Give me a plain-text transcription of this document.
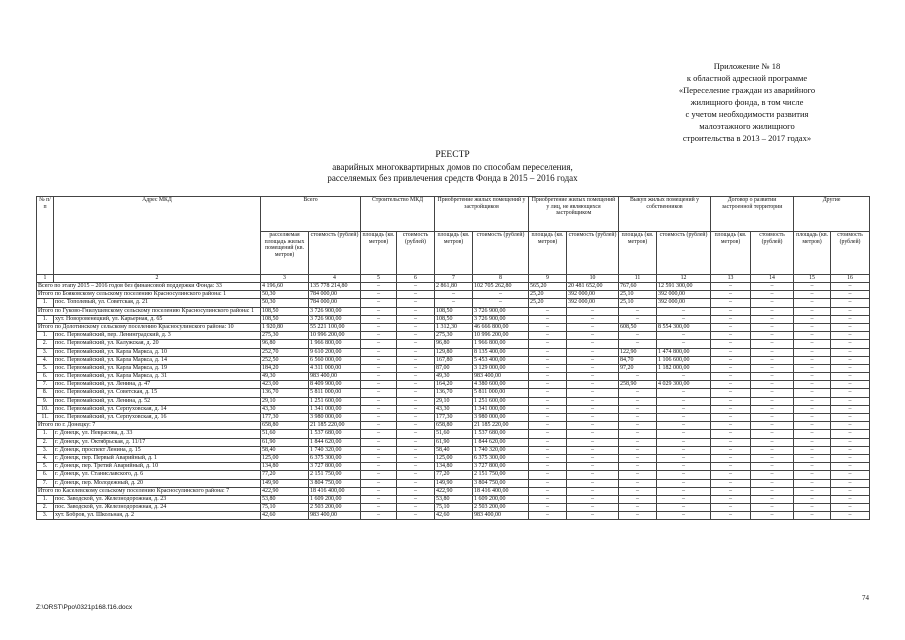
Приложение № 18
к областной адресной программе
«Переселение граждан из аварийного
жилищного фонда, в том числе
с учетом необходимости развития
малоэтажного жилищного
строительства в 2013 – 2017 годах»
РЕЕСТР
аварийных многоквартирных домов по способам переселения,
расселяемых без привлечения средств Фонда в 2015 – 2016 годах
№ п/п	Адрес МКД	Всего		Строительство МКД		Приобретение жилых помещений у застройщиков		Приобретение жилых помещений у лиц, не являющихся застройщиком		Выкуп жилых помещений у собственников		Договор о развитии застроенной территории		Другие	
		расселяемая площадь жилых помещений (кв. метров)	стоимость (рублей)	площадь (кв. метров)	стоимость (рублей)	площадь (кв. метров)	стоимость (рублей)	площадь (кв. метров)	стоимость (рублей)	площадь (кв. метров)	стоимость (рублей)	площадь (кв. метров)	стоимость (рублей)	площадь (кв. метров)	стоимость (рублей)
1	2	3	4	5	6	7	8	9	10	11	12	13	14	15	16
Всего по этапу 2015 – 2016 годов без финансовой поддержки Фонда: 33		4 196,60	135 778 214,80	–	–	2 861,80	102 705 262,80	565,20	20 481 652,00	767,60	12 591 300,00	–	–	–	–
Итого по Бояковскому сельскому поселению Красносулинского района: 1		50,30	784 000,00	–	–	–	–	25,20	392 000,00	25,10	392 000,00	–	–	–	–
1.	пос. Тополевый, ул. Советская, д. 21	50,30	784 000,00	–	–	–	–	25,20	392 000,00	25,10	392 000,00	–	–	–	–
Итого по Гуково-Гнилушевскому сельскому поселению Красносулинского района: 1		108,50	3 726 900,00	–	–	108,50	3 726 900,00	–	–	–	–	–	–	–	–
1.	хут. Новоровенецкий, ул. Карьерная, д. 65	108,50	3 726 900,00	–	–	108,50	3 726 900,00	–	–	–	–	–	–	–	–
Итого по Долотинскому сельскому поселению Красносулинского района: 10		1 920,80	55 221 100,00	–	–	1 312,30	46 666 800,00	–	–	608,50	8 554 300,00	–	–	–	–
1.	пос. Первомайский, пер. Ленинградский, д. 3	275,30	10 996 200,00	–	–	275,30	10 996 200,00	–	–	–	–	–	–	–	–
2.	пос. Первомайский, ул. Калужская, д. 20	96,80	1 966 800,00	–	–	96,80	1 966 800,00	–	–	–	–	–	–	–	–
3.	пос. Первомайский, ул. Карла Маркса, д. 10	252,70	9 610 200,00	–	–	129,80	8 135 400,00	–	–	122,90	1 474 800,00	–	–	–	–
4.	пос. Первомайский, ул. Карла Маркса, д. 14	252,50	6 560 000,00	–	–	167,80	5 453 400,00	–	–	84,70	1 106 600,00	–	–	–	–
5.	пос. Первомайский, ул. Карла Маркса, д. 19	184,20	4 311 000,00	–	–	87,00	3 129 000,00	–	–	97,20	1 182 000,00	–	–	–	–
6.	пос. Первомайский, ул. Карла Маркса, д. 31	49,30	983 400,00	–	–	49,30	983 400,00	–	–	–	–	–	–	–	–
7.	пос. Первомайский, ул. Ленина, д. 47	423,00	8 409 900,00	–	–	164,20	4 380 600,00	–	–	258,90	4 029 300,00	–	–	–	–
8.	пос. Первомайский, ул. Советская, д. 15	136,70	5 811 000,00	–	–	136,70	5 811 000,00	–	–	–	–	–	–	–	–
9.	пос. Первомайский, ул. Ленина, д. 52	29,10	1 251 600,00	–	–	29,10	1 251 600,00	–	–	–	–	–	–	–	–
10.	пос. Первомайский, ул. Серпуховская, д. 14	43,30	1 341 000,00	–	–	43,30	1 341 000,00	–	–	–	–	–	–	–	–
11.	пос. Первомайский, ул. Серпуховская, д. 16	177,30	3 980 000,00	–	–	177,30	3 980 000,00	–	–	–	–	–	–	–	–
Итого по г. Донецку: 7		658,80	21 185 220,00	–	–	658,80	21 185 220,00	–	–	–	–	–	–	–	–
1.	г. Донецк, ул. Некрасова, д. 33	51,60	1 537 680,00	–	–	51,60	1 537 680,00	–	–	–	–	–	–	–	–
2.	г. Донецк, ул. Октябрьская, д. 11/17	61,90	1 844 620,00	–	–	61,90	1 844 620,00	–	–	–	–	–	–	–	–
3.	г. Донецк, проспект Ленина, д. 15	58,40	1 740 320,00	–	–	58,40	1 740 320,00	–	–	–	–	–	–	–	–
4.	г. Донецк, пер. Первый Аварийный, д. 1	125,00	6 375 300,00	–	–	125,00	6 375 300,00	–	–	–	–	–	–	–	–
5.	г. Донецк, пер. Третий Аварийный, д. 10	134,80	3 727 800,00	–	–	134,80	3 727 800,00	–	–	–	–	–	–	–	–
6.	г. Донецк, ул. Станиславского, д. 6	77,20	2 151 750,00	–	–	77,20	2 151 750,00	–	–	–	–	–	–	–	–
7.	г. Донецк, пер. Молодежный, д. 20	149,90	3 804 750,00	–	–	149,90	3 804 750,00	–	–	–	–	–	–	–	–
Итого по Каселевскому сельскому поселению Красносулинского района: 7		422,90	18 416 400,00	–	–	422,90	18 416 400,00	–	–	–	–	–	–	–	–
1.	пос. Заводской, ул. Железнодорожная, д. 23	53,80	1 609 200,00	–	–	53,80	1 609 200,00	–	–	–	–	–	–	–	–
2.	пос. Заводской, ул. Железнодорожная, д. 24	75,10	2 503 200,00	–	–	75,10	2 503 200,00	–	–	–	–	–	–	–	–
3.	хут. Бобров, ул. Школьная, д. 2	42,60	983 400,00	–	–	42,60	983 400,00	–	–	–	–	–	–	–	–
74
Z:\ORST\Ppo\0321p168.f16.docx
